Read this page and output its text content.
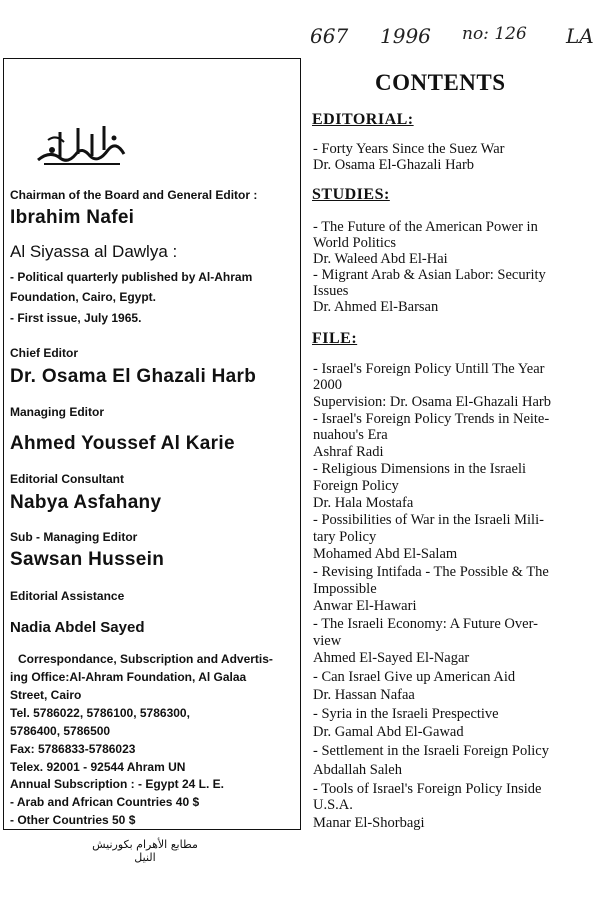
667 1996 no: 126 LA
Chairman of the Board and General Editor :
Ibrahim Nafei
Al Siyassa al Dawlya :
- Political quarterly published by Al-Ahram
Foundation, Cairo, Egypt.
- First issue, July 1965.
Chief Editor
Dr. Osama El Ghazali Harb
Managing Editor
Ahmed Youssef Al Karie
Editorial Consultant
Nabya Asfahany
Sub - Managing Editor
Sawsan Hussein
Editorial Assistance
Nadia Abdel Sayed
Correspondance, Subscription and Advertis-
ing Office:Al-Ahram Foundation, Al Galaa
Street, Cairo
Tel. 5786022, 5786100, 5786300,
5786400, 5786500
Fax: 5786833-5786023
Telex. 92001 - 92544 Ahram UN
Annual Subscription : - Egypt 24 L. E.
- Arab and African Countries 40 $
- Other Countries 50 $
مطابع الأهرام بكورنيش النيل
CONTENTS
EDITORIAL:
- Forty Years Since the Suez War
Dr. Osama El-Ghazali Harb
STUDIES:
- The Future of the American Power in
World Politics
Dr. Waleed Abd El-Hai
- Migrant Arab & Asian Labor: Security
Issues
Dr. Ahmed El-Barsan
FILE:
- Israel's Foreign Policy Untill The Year
2000
Supervision: Dr. Osama El-Ghazali Harb
- Israel's Foreign Policy Trends in Neite-
nuahou's Era
Ashraf Radi
- Religious Dimensions in the Israeli
Foreign Policy
Dr. Hala Mostafa
- Possibilities of War in the Israeli Mili-
tary Policy
Mohamed Abd El-Salam
- Revising Intifada - The Possible & The
Impossible
Anwar El-Hawari
- The Israeli Economy: A Future Over-
view
Ahmed El-Sayed El-Nagar
- Can Israel Give up American Aid
Dr. Hassan Nafaa
- Syria in the Israeli Prespective
Dr. Gamal Abd El-Gawad
- Settlement in the Israeli Foreign Policy
Abdallah Saleh
- Tools of Israel's Foreign Policy Inside
U.S.A.
Manar El-Shorbagi
